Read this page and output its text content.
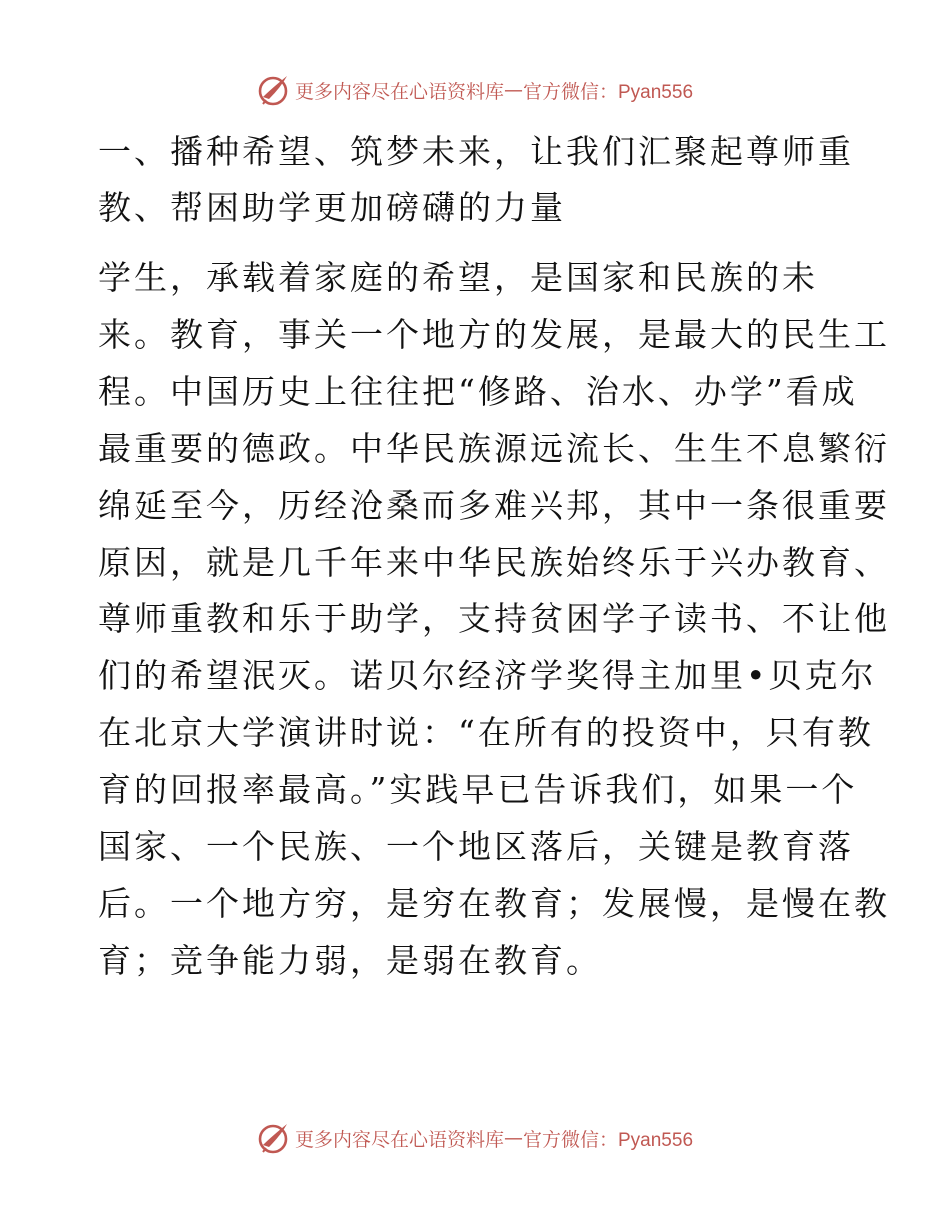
更多内容尽在心语资料库 — 官方微信：Pyan556
一、播种希望、筑梦未来，让我们汇聚起尊师重
教、帮困助学更加磅礴的力量

学生，承载着家庭的希望，是国家和民族的未
来。教育，事关一个地方的发展，是最大的民生工
程。中国历史上往往把“修路、治水、办学”看成
最重要的德政。中华民族源远流长、生生不息繁衍
绵延至今，历经沧桑而多难兴邦，其中一条很重要
原因，就是几千年来中华民族始终乐于兴办教育、
尊师重教和乐于助学，支持贫困学子读书、不让他
们的希望泯灭。诺贝尔经济学奖得主加里•贝克尔
在北京大学演讲时说：“在所有的投资中，只有教
育的回报率最高。”实践早已告诉我们，如果一个
国家、一个民族、一个地区落后，关键是教育落
后。一个地方穷，是穷在教育；发展慢，是慢在教
育；竞争能力弱，是弱在教育。

更多内容尽在心语资料库 — 官方微信：Pyan556
